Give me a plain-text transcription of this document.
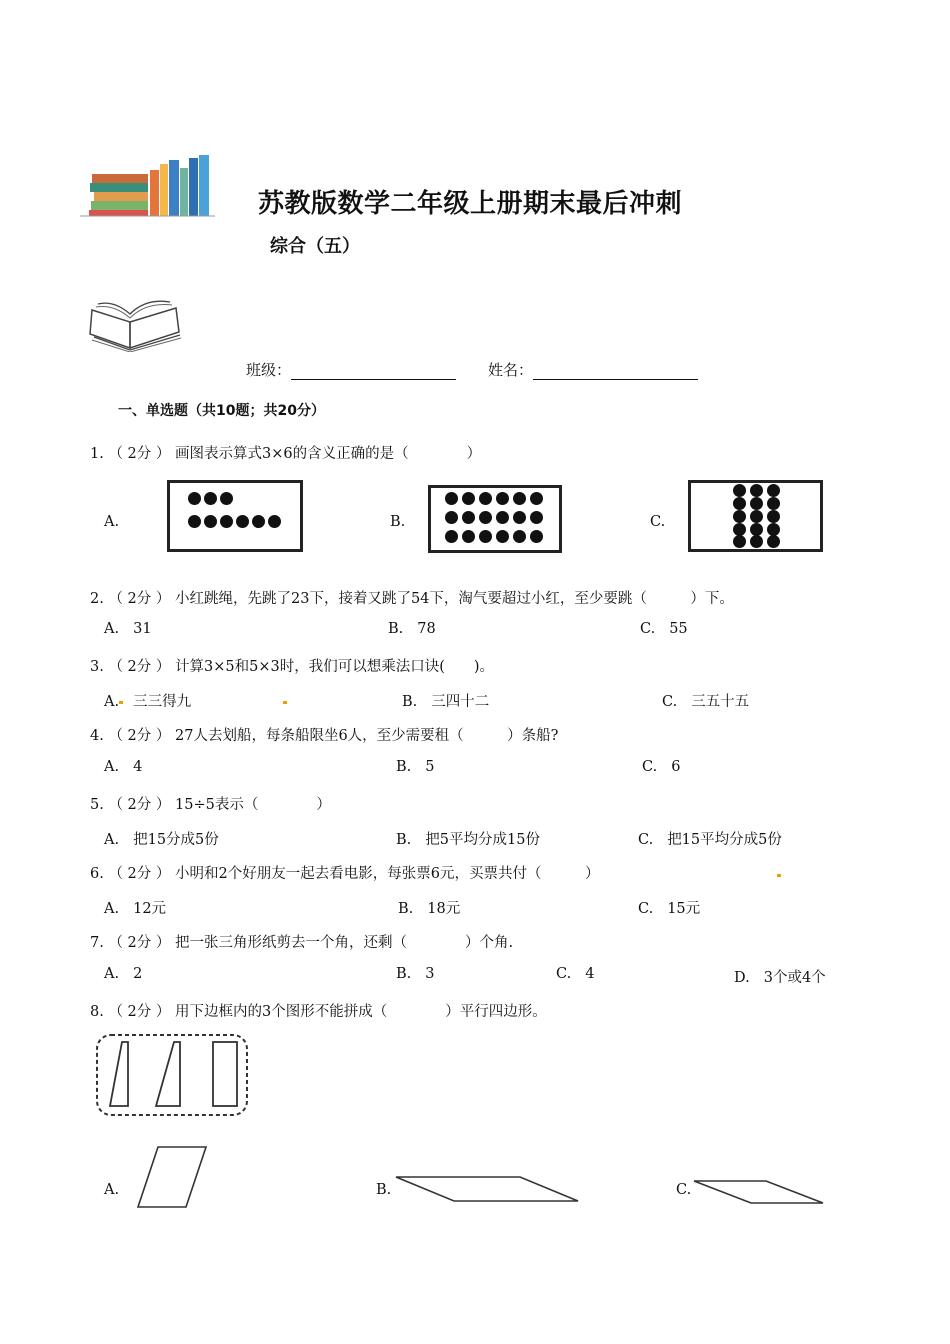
苏教版数学二年级上册期末最后冲刺
综合（五）
班级：	姓名：
一、单选题（共10题；共20分）
1. （ 2分 ） 画图表示算式3×6的含义正确的是（　　　　）
A.	B.	C.
2. （ 2分 ） 小红跳绳，先跳了23下，接着又跳了54下，淘气要超过小红，至少要跳（　　　）下。
A. 31	B. 78	C. 55
3. （ 2分 ） 计算3×5和5×3时，我们可以想乘法口诀(　　)。
A. 三三得九	B. 三四十二	C. 三五十五
4. （ 2分 ） 27人去划船，每条船限坐6人，至少需要租（　　　）条船?
A. 4	B. 5	C. 6
5. （ 2分 ） 15÷5表示（　　　　）
A. 把15分成5份	B. 把5平均分成15份	C. 把15平均分成5份
6. （ 2分 ） 小明和2个好朋友一起去看电影，每张票6元，买票共付（　　　）
A. 12元	B. 18元	C. 15元
7. （ 2分 ） 把一张三角形纸剪去一个角，还剩（　　　　）个角.
A. 2	B. 3	C. 4	D. 3个或4个
8. （ 2分 ） 用下边框内的3个图形不能拼成（　　　　）平行四边形。
A.	B.	C.
